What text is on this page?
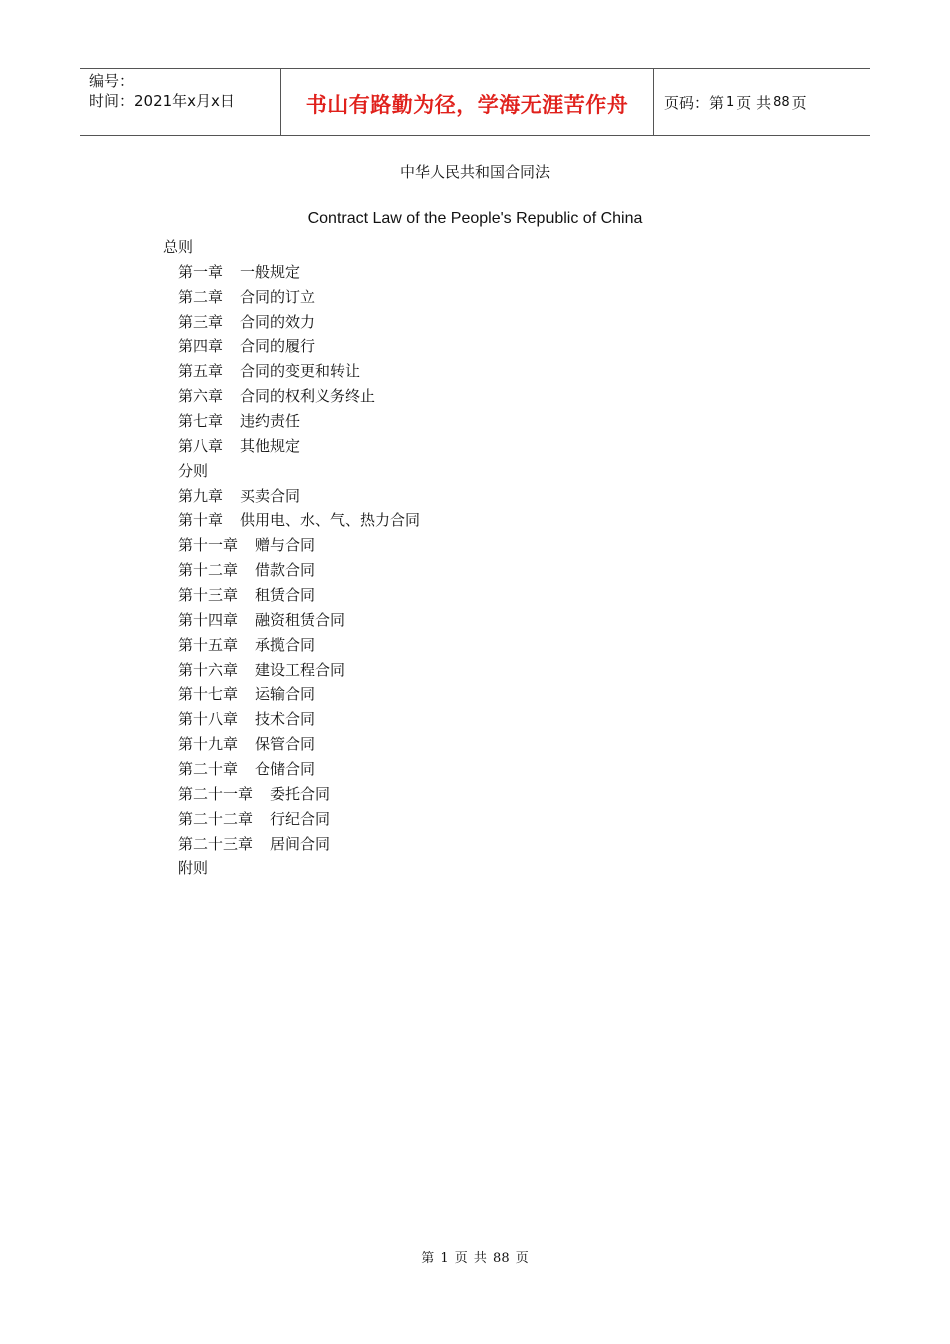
编号：
时间：2021年x月x日	书山有路勤为径，学海无涯苦作舟	页码：第 1 页 共 88 页
中华人民共和国合同法
Contract Law of the People's Republic of China
总则
第一章 一般规定
第二章 合同的订立
第三章 合同的效力
第四章 合同的履行
第五章 合同的变更和转让
第六章 合同的权利义务终止
第七章 违约责任
第八章 其他规定
分则
第九章 买卖合同
第十章 供用电、水、气、热力合同
第十一章 赠与合同
第十二章 借款合同
第十三章 租赁合同
第十四章 融资租赁合同
第十五章 承揽合同
第十六章 建设工程合同
第十七章 运输合同
第十八章 技术合同
第十九章 保管合同
第二十章 仓储合同
第二十一章 委托合同
第二十二章 行纪合同
第二十三章 居间合同
附则
第 1 页 共 88 页
